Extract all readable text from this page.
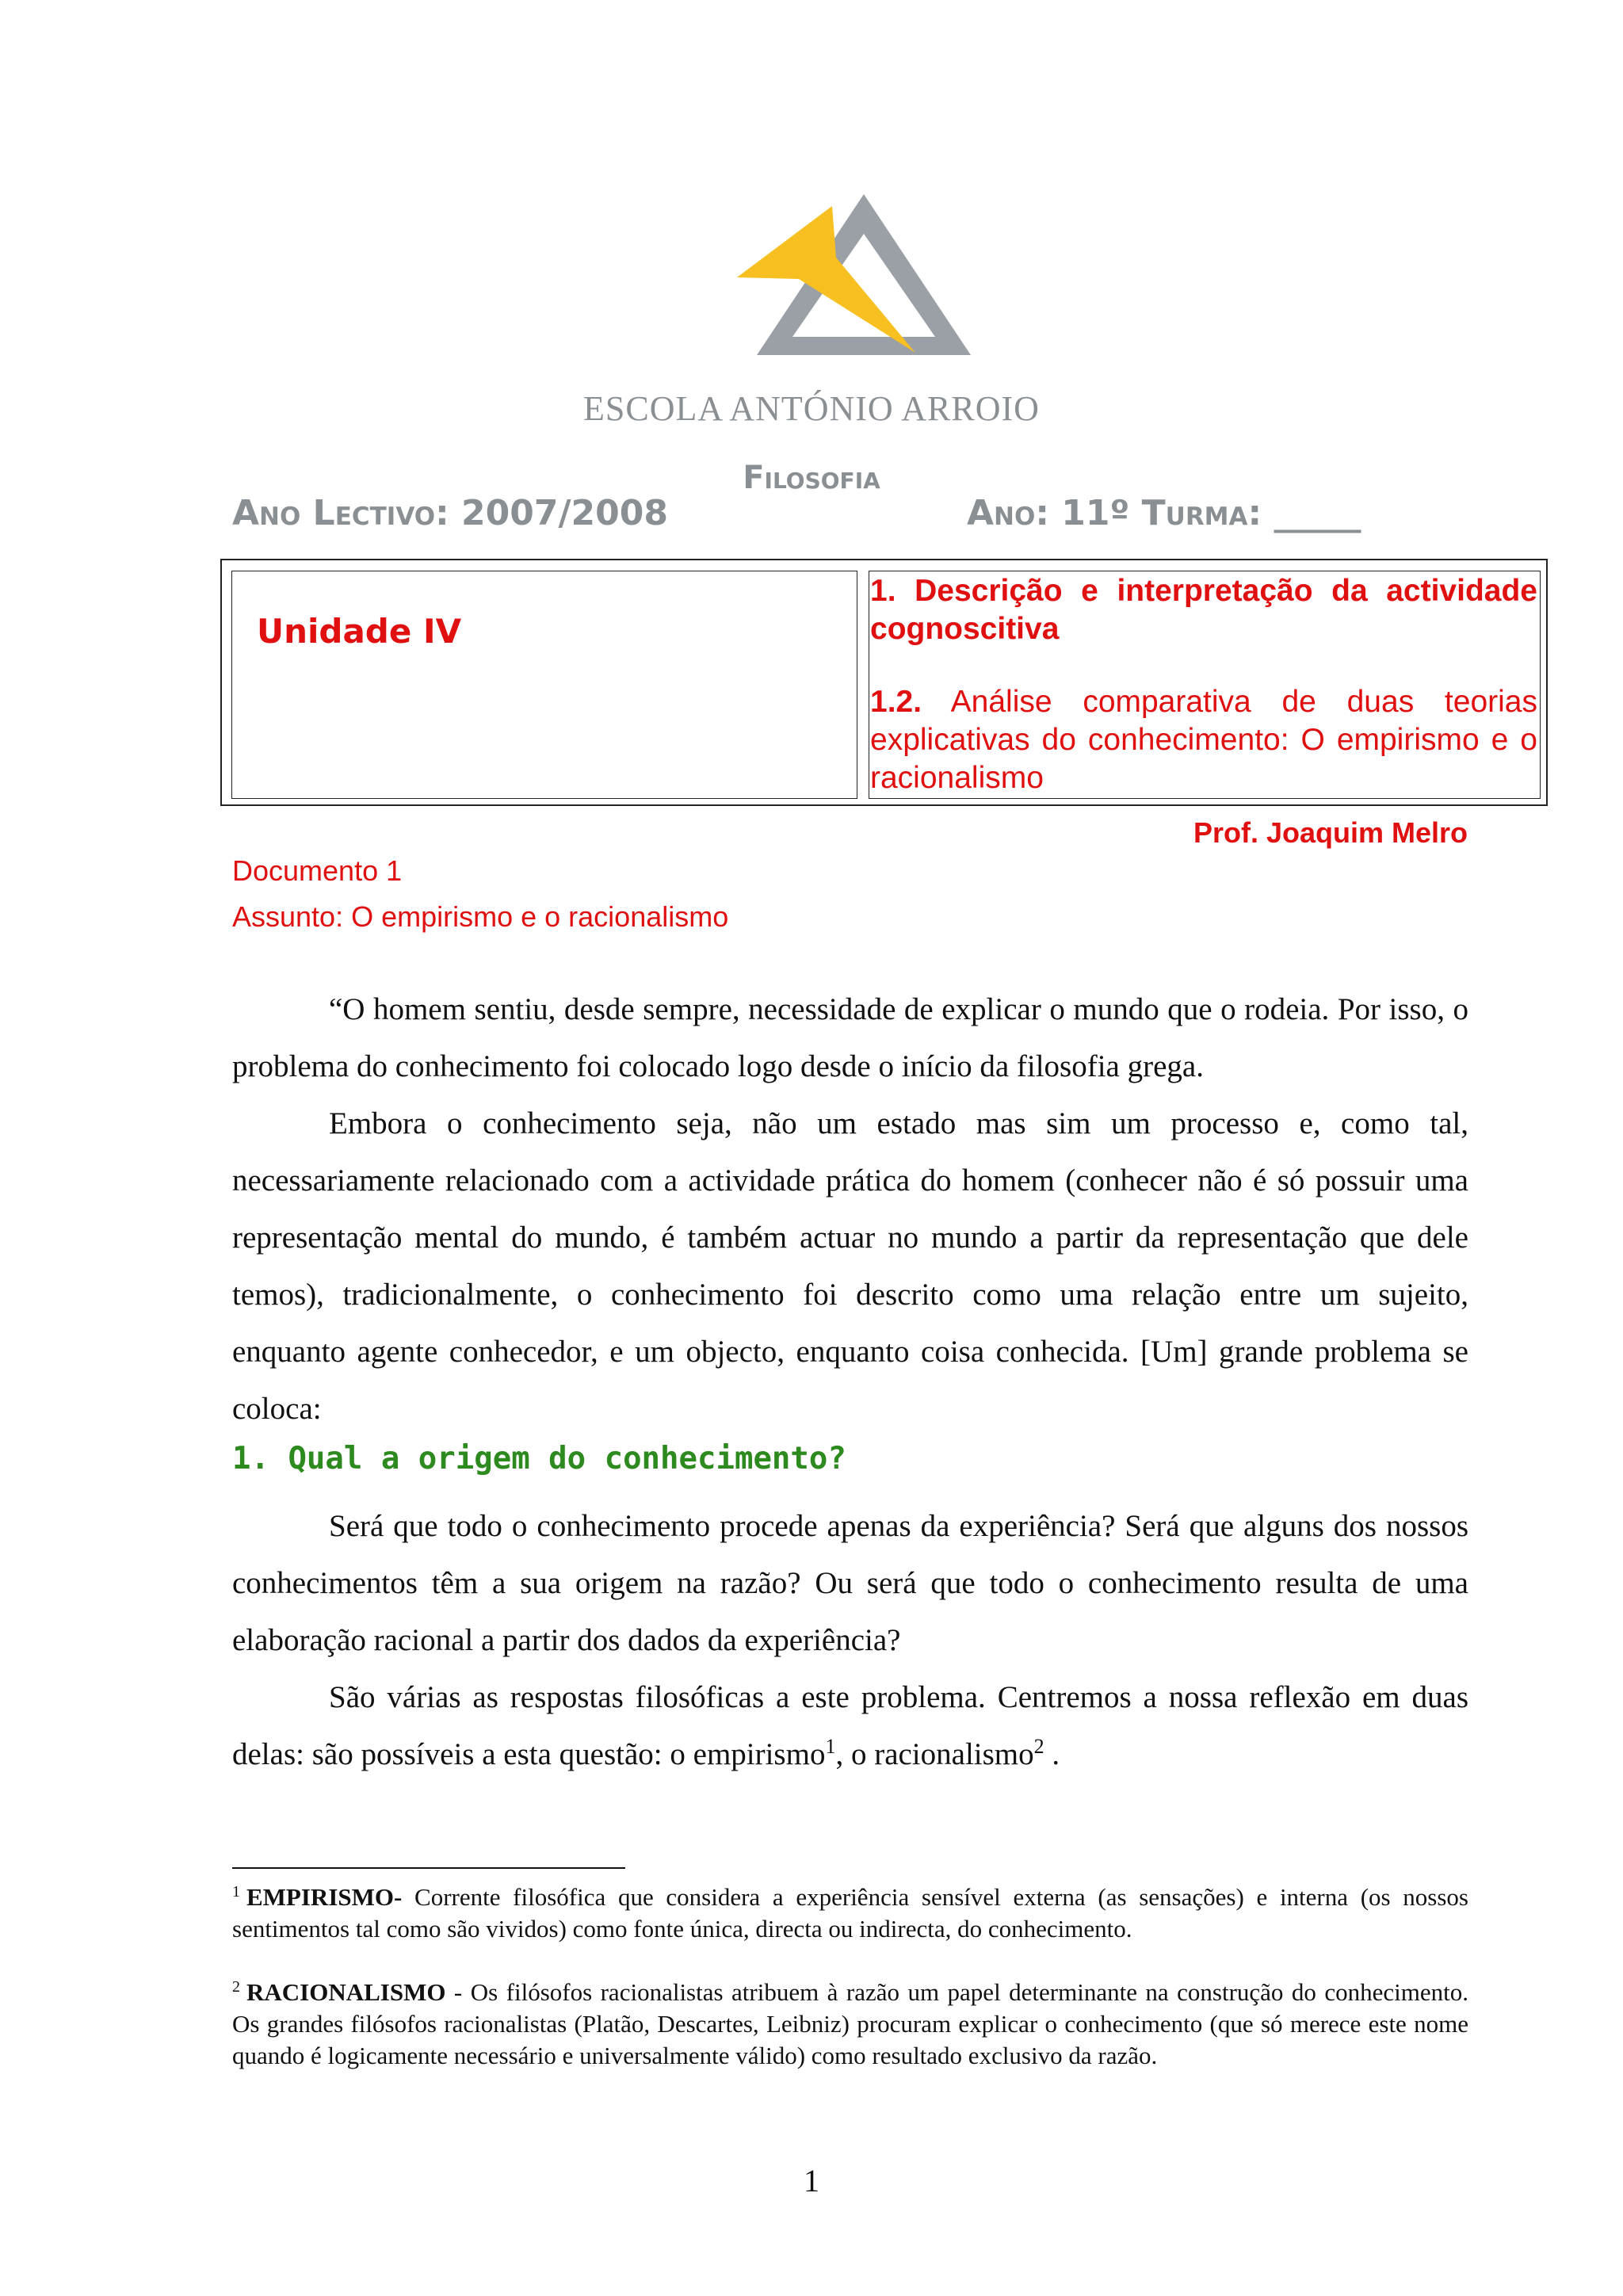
ESCOLA ANTÓNIO ARROIO
Filosofia
Ano Lectivo: 2007/2008	Ano: 11º Turma: _____
Unidade IV
1. Descrição e interpretação da actividade cognoscitiva
1.2. Análise comparativa de duas teorias explicativas do conhecimento: O empirismo e o racionalismo
Prof. Joaquim Melro
Documento 1
Assunto: O empirismo e o racionalismo

“O homem sentiu, desde sempre, necessidade de explicar o mundo que o rodeia. Por isso, o problema do conhecimento foi colocado logo desde o início da filosofia grega.

Embora o conhecimento seja, não um estado mas sim um processo e, como tal, necessariamente relacionado com a actividade prática do homem (conhecer não é só possuir uma representação mental do mundo, é também actuar no mundo a partir da representação que dele temos), tradicionalmente, o conhecimento foi descrito como uma relação entre um sujeito, enquanto agente conhecedor, e um objecto, enquanto coisa conhecida. [Um] grande problema se coloca:

1. Qual a origem do conhecimento?

Será que todo o conhecimento procede apenas da experiência? Será que alguns dos nossos conhecimentos têm a sua origem na razão? Ou será que todo o conhecimento resulta de uma elaboração racional a partir dos dados da experiência?

São várias as respostas filosóficas a este problema. Centremos a nossa reflexão em duas delas: são possíveis a esta questão: o empirismo$^1$, o racionalismo$^2$ .

$^1$ EMPIRISMO- Corrente filosófica que considera a experiência sensível externa (as sensações) e interna (os nossos sentimentos tal como são vividos) como fonte única, directa ou indirecta, do conhecimento.
$^2$ RACIONALISMO - Os filósofos racionalistas atribuem à razão um papel determinante na construção do conhecimento. Os grandes filósofos racionalistas (Platão, Descartes, Leibniz) procuram explicar o conhecimento (que só merece este nome quando é logicamente necessário e universalmente válido) como resultado exclusivo da razão.
1
